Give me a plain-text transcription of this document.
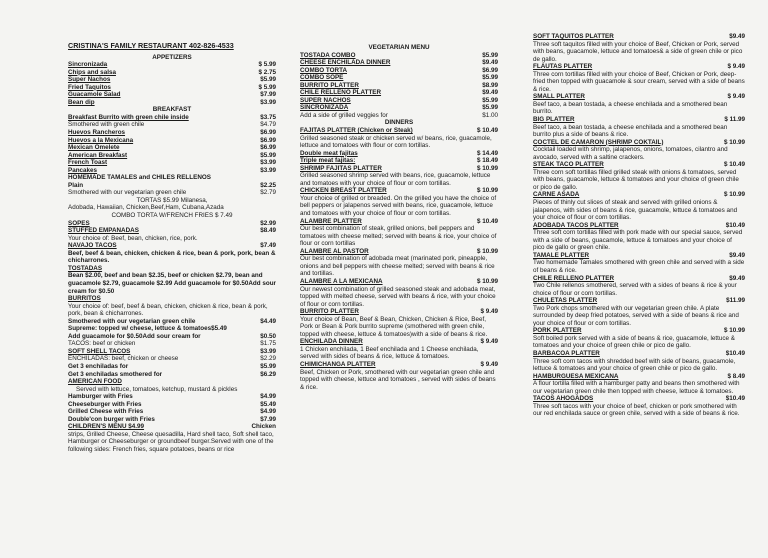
CRISTINA'S FAMILY RESTAURANT 402-826-4533
APPETIZERS
Sincronizada	$ 5.99
Chips and salsa	$ 2.75
Super Nachos	$5.99
Fried Taquitos	$ 5.99
Guacamole Salad	$7.99
Bean dip	$3.99
BREAKFAST
Breakfast Burrito with green chile inside	$3.75
Smothered with green chile	$4.79
Huevos Rancheros	$6.99
Huevos a la Mexicana	$6.99
Mexican Omelete	$6.99
American Breakfast	$5.99
French Toast	$3.99
Pancakes	$3.99
HOMEMADE TAMALES and CHILES RELLENOS
Plain	$2.25
Smothered with our vegetarian green chile	$2.79
TORTAS $5.99 Milanesa,
Adobada, Hawaiian, Chicken,Beef,Ham, Cubana,Azada
COMBO TORTA W/FRENCH FRIES $ 7.49
SOPES	$2.99
STUFFED EMPANADAS	$8.49
Your choice of: Beef, bean, chicken, rice, pork.
NAVAJO TACOS	$7.49
Beef, beef & bean, chicken, chicken & rice, bean & pork, pork, bean & chicharrones.
TOSTADAS
Bean $2.00, beef and bean $2.35, beef or chicken $2.79, bean and guacamole $2.79, guacamole $2.99 Add guacamole for $0.50Add sour cream for $0.50
BURRITOS
Your choice of: beef, beef & bean, chicken, chicken & rice, bean & pork, pork, bean & chicharrones.
Smothered with our vegetarian green chile	$4.49
Supreme: topped w/ cheese, lettuce & tomatoes$5.49
Add guacamole for $0.50Add sour cream for	$0.50
TACOS: beef or chicken	$1.75
SOFT SHELL TACOS	$3.99
ENCHILADAS: beef, chicken or cheese	$2.29
Get 3 enchiladas for	$5.99
Get 3 enchiladas smothered for	$6.29
AMERICAN FOOD
Served with lettuce, tomatoes, ketchup, mustard & pickles
Hamburger with Fries	$4.99
Cheeseburger with Fries	$5.49
Grilled Cheese with Fries	$4.99
Double'con burger with Fries	$7.99
CHILDREN'S MENU $4.99	Chicken
strips, Grilled Cheese, Cheese quesadilla, Hard shell taco, Soft shell taco, Hamburger or Cheeseburger or groundbeef burger.Served with one of the following sides: French fries, square potatoes, beans or rice
VEGETARIAN MENU
TOSTADA COMBO	$5.99
CHEESE ENCHILADA DINNER	$9.49
COMBO TORTA	$6.99
COMBO SOPE	$5.99
BURRITO PLATTER	$8.99
CHILE RELLENO PLATTER	$9.49
SUPER NACHOS	$5.99
SINCRONIZADA	$5.99
Add a side of grilled veggies for	$1.00
DINNERS
FAJITAS PLATTER (Chicken or Steak)	$ 10.49
Grilled seasoned steak or chicken served w/ beans, rice, guacamole, lettuce and tomatoes with flour or corn tortillas.
Double meat fajitas	$ 14.49
Triple meat fajitas:	$ 18.49
SHRIMP FAJITAS PLATTER	$ 10.99
Grilled seasoned shrimp served with beans, rice, guacamole, lettuce and tomatoes with your choice of flour or corn tortillas.
CHICKEN BREAST PLATTER	$ 10.99
Your choice of grilled or breaded. On the grilled you have the choice of bell peppers or jalapenos served with beans, rice, guacamole, lettuce and tomatoes with your choice of flour or corn tortillas.
ALAMBRE PLATTER	$ 10.49
Our best combination of steak, grilled onions, bell peppers and tomatoes with cheese melted; served with beans & rice, your choice of flour or corn tortillas
ALAMBRE AL PASTOR	$ 10.99
Our best combination of adobada meat (marinated pork, pineapple, onions and bell peppers with cheese melted; served with beans & rice and tortillas.
ALAMBRE A LA MEXICANA	$ 10.99
Our newest combination of grilled seasoned steak and adobada meat, topped with melted cheese, served with beans & rice, with your choice of flour or corn tortillas.
BURRITO PLATTER	$ 9.49
Your choice of Bean, Beef & Bean, Chicken, Chicken & Rice, Beef, Pork or Bean & Pork burrito supreme (smothered with green chile, topped with cheese, lettuce & tomatoes)with a side of beans & rice.
ENCHILADA DINNER	$ 9.49
1 Chicken enchilada, 1 Beef enchilada and 1 Cheese enchilada, served with sides of beans & rice, lettuce & tomatoes.
CHIMICHANGA PLATTER	$ 9.49
Beef, Chicken or Pork, smothered with our vegetarian green chile and topped with cheese, lettuce and tomatoes , served with sides of beans & rice.
SOFT TAQUITOS PLATTER	$9.49
Three soft taquitos filled with your choice of Beef, Chicken or Pork, served with beans, guacamole, lettuce and tomatoes& a side of green chile or pico de gallo.
FLAUTAS PLATTER	$ 9.49
Three corn tortillas filled with your choice of Beef, Chicken or Pork, deep-fried then topped with guacamole & sour cream, served with a side of beans & rice.
SMALL PLATTER	$ 9.49
Beef taco, a bean tostada, a cheese enchilada and a smothered bean burrito.
BIG PLATTER	$ 11.99
Beef taco, a bean tostada, a cheese enchilada and a smothered bean burrito plus a side of beans & rice.
COCTEL DE CAMARON (SHRIMP COKTAIL)	$ 10.99
Cocktail loaded with shrimp, jalapenos, onions, tomatoes, cilantro and avocado, served with a saltine crackers.
STEAK TACO PLATTER	$ 10.49
Three corn soft tortillas filled grilled steak with onions & tomatoes, served with beans, guacamole, lettuce & tomatoes and your choice of green chile or pico de gallo.
CARNE ASADA	$ 10.99
Pieces of thinly cut slices of steak and served with grilled onions & jalapenos, with sides of beans & rice, guacamole, lettuce & tomatoes and your choice of flour or corn tortillas.
ADOBADA TACOS PLATTER	$10.49
Three soft corn tortillas filled with pork made with our special sauce, served with a side of beans, guacamole, lettuce & tomatoes and your choice of pico de gallo or green chile.
TAMALE PLATTER	$9.49
Two homemade Tamales smothered with green chile and served with a side of beans & rice.
CHILE RELLENO PLATTER	$9.49
Two Chile rellenos smothered, served with a sides of beans & rice & your choice of flour or corn tortillas.
CHULETAS PLATTER	$11.99
Two Pork chops smothered with our vegetarian green chile. A plate surrounded by deep fried potatoes, served with a side of beans & rice and your choice of flour or corn tortillas.
PORK PLATTER	$ 10.99
Soft boiled pork served with a side of beans & rice, guacamole, lettuce & tomatoes and your choice of green chile or pico de gallo.
BARBACOA PLATTER	$10.49
Three soft corn tacos with shredded beef with side of beans, guacamole, lettuce & tomatoes and your choice of green chile or pico de gallo.
HAMBURGUESA MEXICANA	$ 8.49
A flour tortilla filled with a hamburger patty and beans then smothered with our vegetarian green chile then topped with cheese, lettuce & tomatoes.
TACOS AHOGADOS	$10.49
Three soft tacos with your choice of beef, chicken or pork smothered with our red enchilada sauce or green chile, served with a side of beans & rice.
